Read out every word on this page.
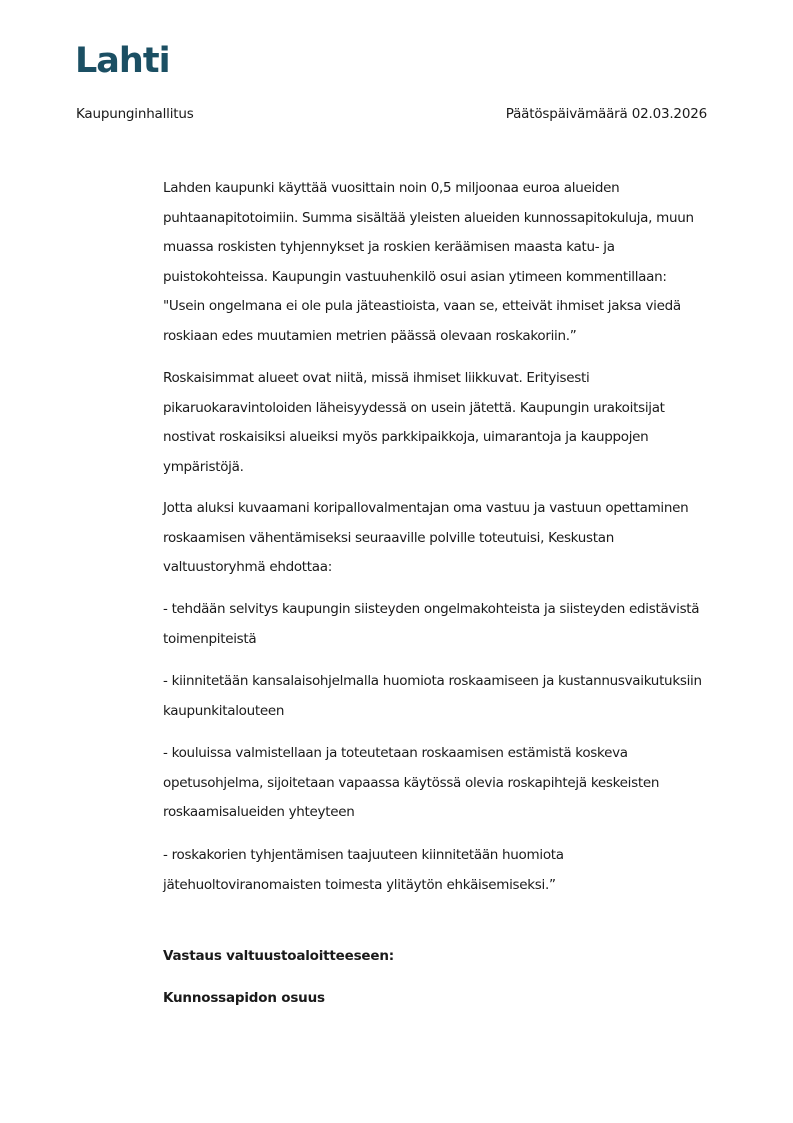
Lahti
Kaupunginhallitus	Päätöspäivämäärä 02.03.2026
Lahden kaupunki käyttää vuosittain noin 0,5 miljoonaa euroa alueiden
puhtaanapitotoimiin. Summa sisältää yleisten alueiden kunnossapitokuluja, muun
muassa roskisten tyhjennykset ja roskien keräämisen maasta katu- ja
puistokohteissa. Kaupungin vastuuhenkilö osui asian ytimeen kommentillaan:
"Usein ongelmana ei ole pula jäteastioista, vaan se, etteivät ihmiset jaksa viedä
roskiaan edes muutamien metrien päässä olevaan roskakoriin.”
Roskaisimmat alueet ovat niitä, missä ihmiset liikkuvat. Erityisesti
pikaruokaravintoloiden läheisyydessä on usein jätettä. Kaupungin urakoitsijat
nostivat roskaisiksi alueiksi myös parkkipaikkoja, uimarantoja ja kauppojen
ympäristöjä.
Jotta aluksi kuvaamani koripallovalmentajan oma vastuu ja vastuun opettaminen
roskaamisen vähentämiseksi seuraaville polville toteutuisi, Keskustan
valtuustoryhmä ehdottaa:
- tehdään selvitys kaupungin siisteyden ongelmakohteista ja siisteyden edistävistä
toimenpiteistä
- kiinnitetään kansalaisohjelmalla huomiota roskaamiseen ja kustannusvaikutuksiin
kaupunkitalouteen
- kouluissa valmistellaan ja toteutetaan roskaamisen estämistä koskeva
opetusohjelma, sijoitetaan vapaassa käytössä olevia roskapihtejä keskeisten
roskaamisalueiden yhteyteen
- roskakorien tyhjentämisen taajuuteen kiinnitetään huomiota
jätehuoltoviranomaisten toimesta ylitäytön ehkäisemiseksi.”
Vastaus valtuustoaloitteeseen:
Kunnossapidon osuus
